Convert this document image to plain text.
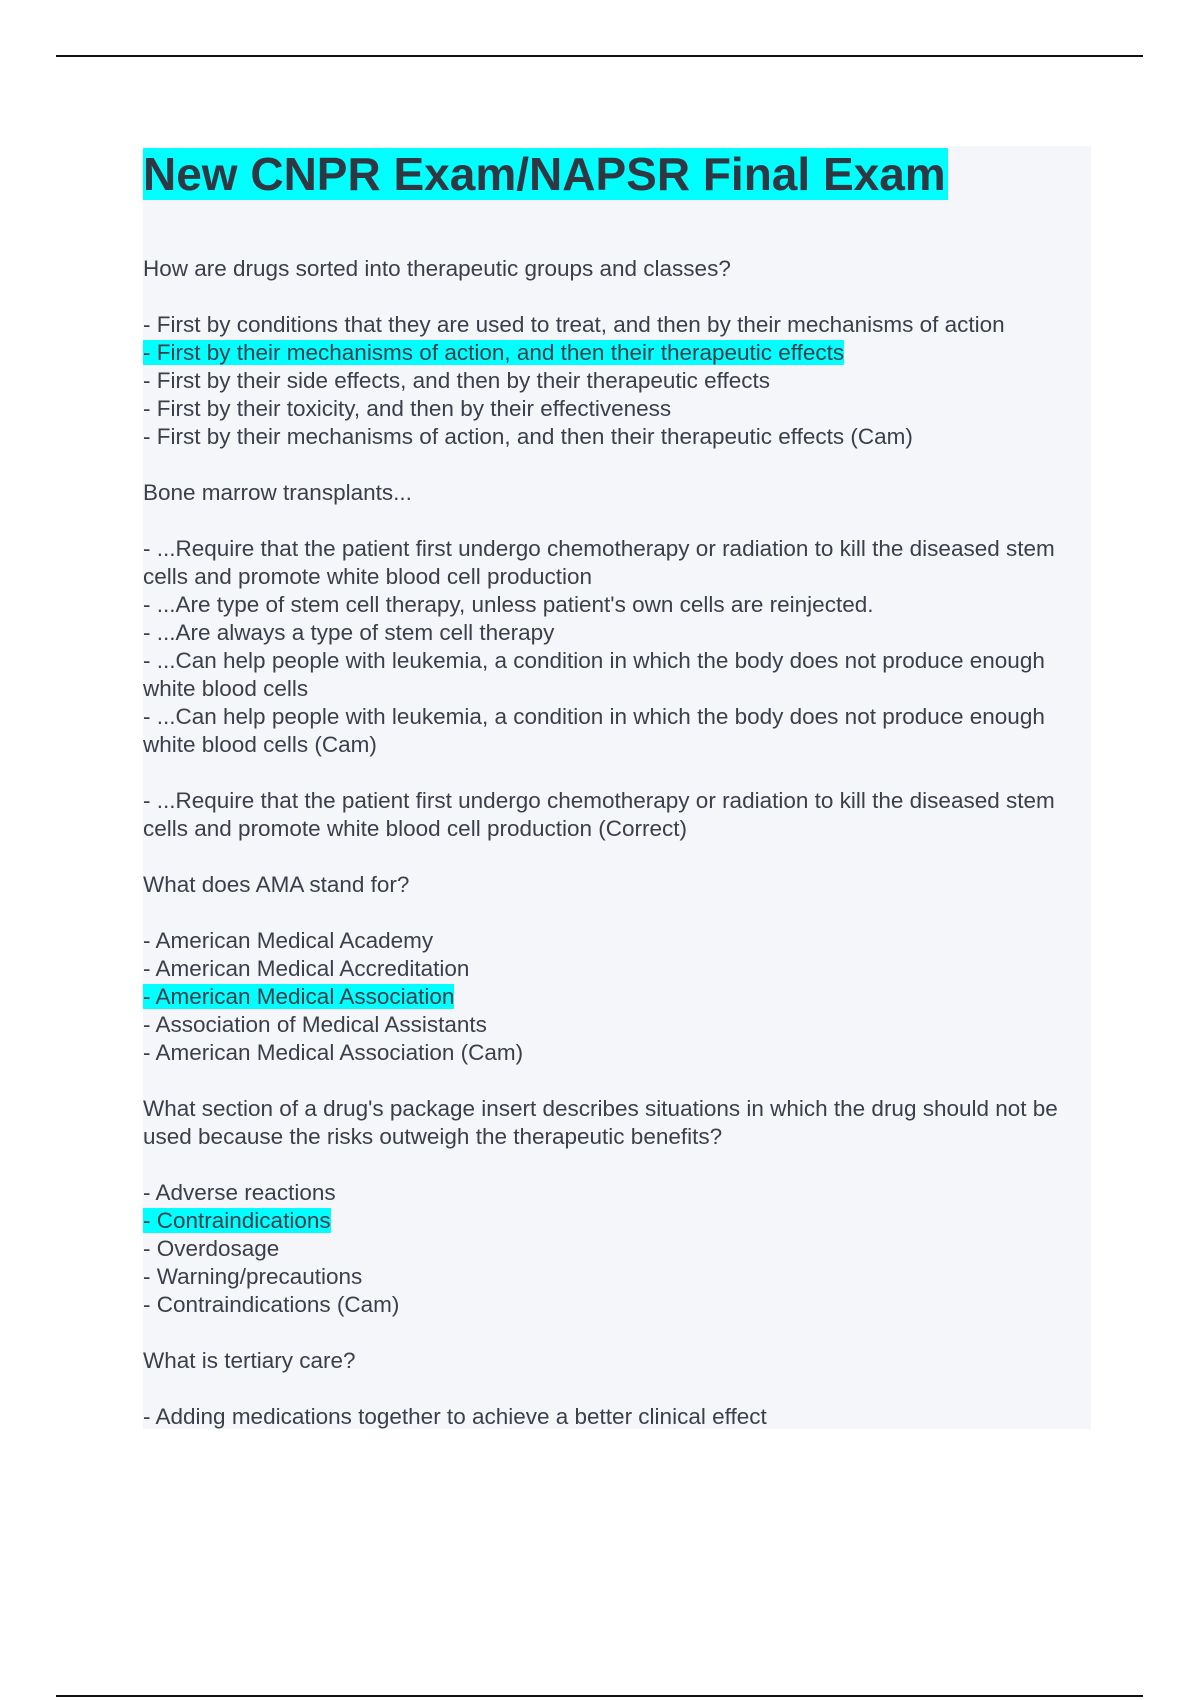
New CNPR Exam/NAPSR Final Exam

How are drugs sorted into therapeutic groups and classes?

- First by conditions that they are used to treat, and then by their mechanisms of action
- First by their mechanisms of action, and then their therapeutic effects
- First by their side effects, and then by their therapeutic effects
- First by their toxicity, and then by their effectiveness
- First by their mechanisms of action, and then their therapeutic effects (Cam)

Bone marrow transplants...

- ...Require that the patient first undergo chemotherapy or radiation to kill the diseased stem cells and promote white blood cell production
- ...Are type of stem cell therapy, unless patient's own cells are reinjected.
- ...Are always a type of stem cell therapy
- ...Can help people with leukemia, a condition in which the body does not produce enough white blood cells
- ...Can help people with leukemia, a condition in which the body does not produce enough white blood cells (Cam)

- ...Require that the patient first undergo chemotherapy or radiation to kill the diseased stem cells and promote white blood cell production (Correct)

What does AMA stand for?

- American Medical Academy
- American Medical Accreditation
- American Medical Association
- Association of Medical Assistants
- American Medical Association (Cam)

What section of a drug's package insert describes situations in which the drug should not be used because the risks outweigh the therapeutic benefits?

- Adverse reactions
- Contraindications
- Overdosage
- Warning/precautions
- Contraindications (Cam)

What is tertiary care?

- Adding medications together to achieve a better clinical effect
